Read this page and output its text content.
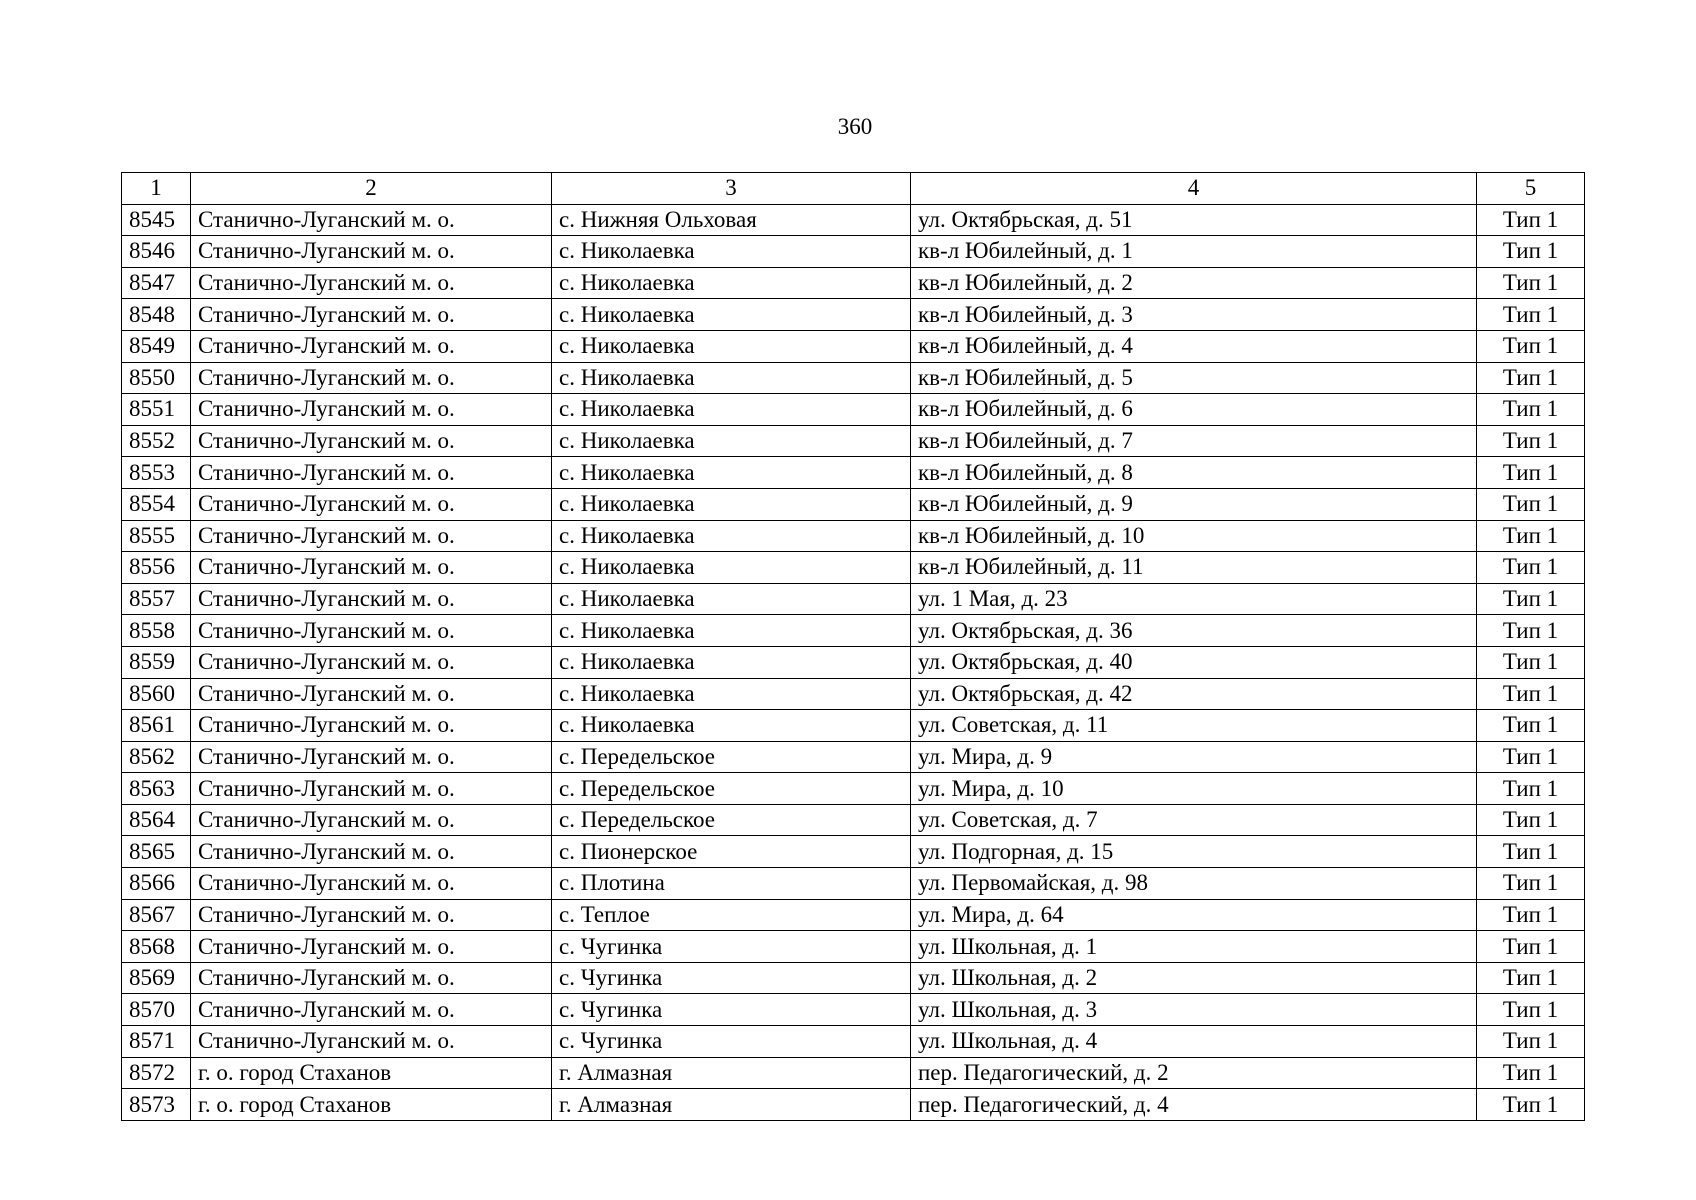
360
1	2	3	4	5
8545	Станично-Луганский м. о.	с. Нижняя Ольховая	ул. Октябрьская, д. 51	Тип 1
8546	Станично-Луганский м. о.	с. Николаевка	кв-л Юбилейный, д. 1	Тип 1
8547	Станично-Луганский м. о.	с. Николаевка	кв-л Юбилейный, д. 2	Тип 1
8548	Станично-Луганский м. о.	с. Николаевка	кв-л Юбилейный, д. 3	Тип 1
8549	Станично-Луганский м. о.	с. Николаевка	кв-л Юбилейный, д. 4	Тип 1
8550	Станично-Луганский м. о.	с. Николаевка	кв-л Юбилейный, д. 5	Тип 1
8551	Станично-Луганский м. о.	с. Николаевка	кв-л Юбилейный, д. 6	Тип 1
8552	Станично-Луганский м. о.	с. Николаевка	кв-л Юбилейный, д. 7	Тип 1
8553	Станично-Луганский м. о.	с. Николаевка	кв-л Юбилейный, д. 8	Тип 1
8554	Станично-Луганский м. о.	с. Николаевка	кв-л Юбилейный, д. 9	Тип 1
8555	Станично-Луганский м. о.	с. Николаевка	кв-л Юбилейный, д. 10	Тип 1
8556	Станично-Луганский м. о.	с. Николаевка	кв-л Юбилейный, д. 11	Тип 1
8557	Станично-Луганский м. о.	с. Николаевка	ул. 1 Мая, д. 23	Тип 1
8558	Станично-Луганский м. о.	с. Николаевка	ул. Октябрьская, д. 36	Тип 1
8559	Станично-Луганский м. о.	с. Николаевка	ул. Октябрьская, д. 40	Тип 1
8560	Станично-Луганский м. о.	с. Николаевка	ул. Октябрьская, д. 42	Тип 1
8561	Станично-Луганский м. о.	с. Николаевка	ул. Советская, д. 11	Тип 1
8562	Станично-Луганский м. о.	с. Передельское	ул. Мира, д. 9	Тип 1
8563	Станично-Луганский м. о.	с. Передельское	ул. Мира, д. 10	Тип 1
8564	Станично-Луганский м. о.	с. Передельское	ул. Советская, д. 7	Тип 1
8565	Станично-Луганский м. о.	с. Пионерское	ул. Подгорная, д. 15	Тип 1
8566	Станично-Луганский м. о.	с. Плотина	ул. Первомайская, д. 98	Тип 1
8567	Станично-Луганский м. о.	с. Теплое	ул. Мира, д. 64	Тип 1
8568	Станично-Луганский м. о.	с. Чугинка	ул. Школьная, д. 1	Тип 1
8569	Станично-Луганский м. о.	с. Чугинка	ул. Школьная, д. 2	Тип 1
8570	Станично-Луганский м. о.	с. Чугинка	ул. Школьная, д. 3	Тип 1
8571	Станично-Луганский м. о.	с. Чугинка	ул. Школьная, д. 4	Тип 1
8572	г. о. город Стаханов	г. Алмазная	пер. Педагогический, д. 2	Тип 1
8573	г. о. город Стаханов	г. Алмазная	пер. Педагогический, д. 4	Тип 1
